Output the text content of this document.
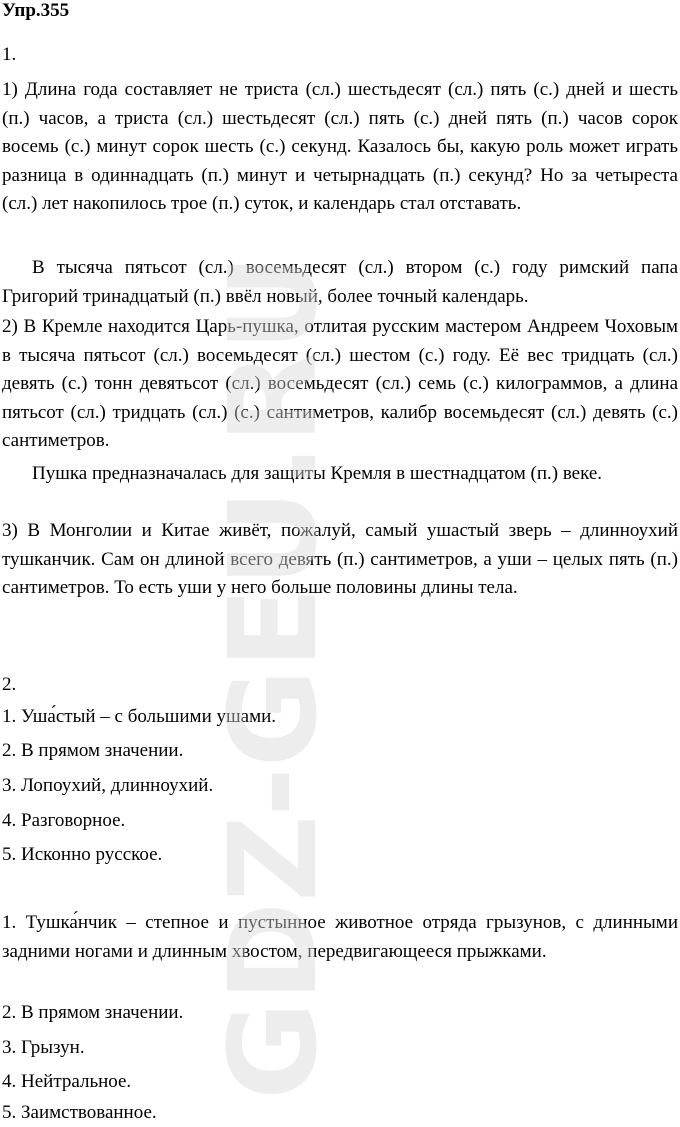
Упр.355
1.
1) Длина года составляет не триста (сл.) шестьдесят (сл.) пять (с.) дней и шесть (п.) часов, а триста (сл.) шестьдесят (сл.) пять (с.) дней пять (п.) часов сорок восемь (с.) минут сорок шесть (с.) секунд. Казалось бы, какую роль может играть разница в одиннадцать (п.) минут и четырнадцать (п.) секунд? Но за четыреста (сл.) лет накопилось трое (п.) суток, и календарь стал отставать.
В тысяча пятьсот (сл.) восемьдесят (сл.) втором (с.) году римский папа Григорий тринадцатый (п.) ввёл новый, более точный календарь.
2) В Кремле находится Царь-пушка, отлитая русским мастером Андреем Чоховым в тысяча пятьсот (сл.) восемьдесят (сл.) шестом (с.) году. Её вес тридцать (сл.) девять (с.) тонн девятьсот (сл.) восемьдесят (сл.) семь (с.) килограммов, а длина пятьсот (сл.) тридцать (сл.) (с.) сантиметров, калибр восемьдесят (сл.) девять (с.) сантиметров.
Пушка предназначалась для защиты Кремля в шестнадцатом (п.) веке.
3) В Монголии и Китае живёт, пожалуй, самый ушастый зверь – длинноухий тушканчик. Сам он длиной всего девять (п.) сантиметров, а уши – целых пять (п.) сантиметров. То есть уши у него больше половины длины тела.
2.
1. Уша́стый – с большими ушами.
2. В прямом значении.
3. Лопоухий, длинноухий.
4. Разговорное.
5. Исконно русское.
1. Тушка́нчик – степное и пустынное животное отряда грызунов, с длинными задними ногами и длинным хвостом, передвигающееся прыжками.
2. В прямом значении.
3. Грызун.
4. Нейтральное.
5. Заимствованное.
GDZ-GEU.RU
